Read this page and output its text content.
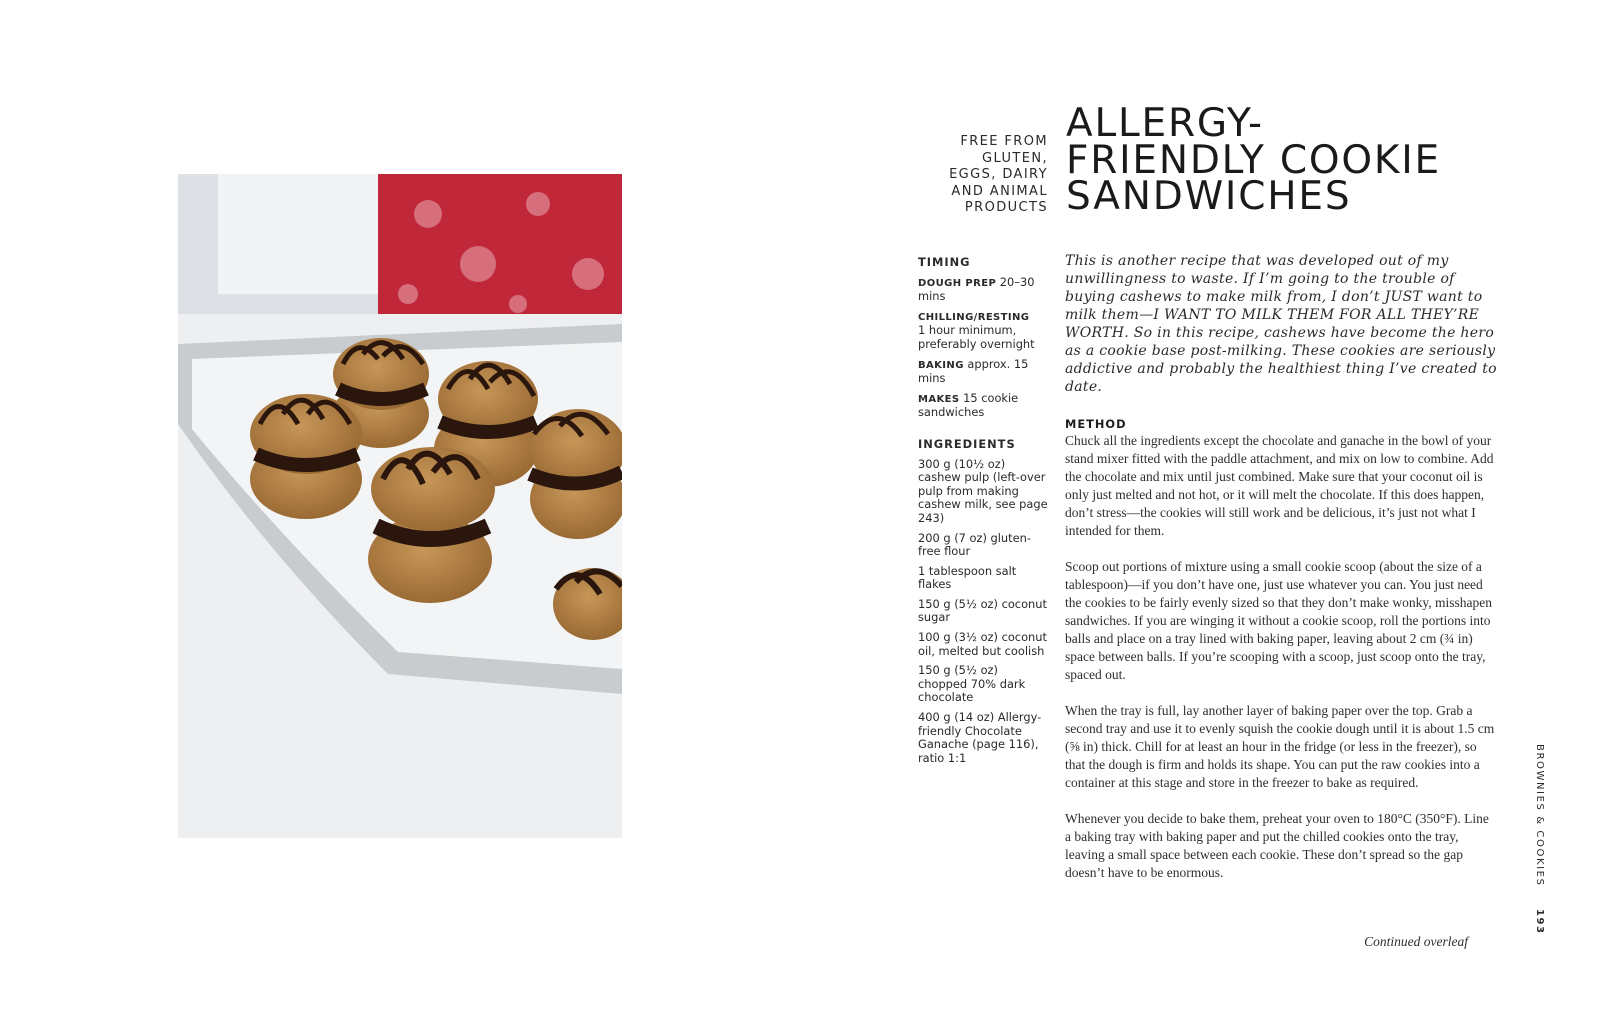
FREE FROM
GLUTEN,
EGGS, DAIRY
AND ANIMAL
PRODUCTS
ALLERGY-
FRIENDLY COOKIE
SANDWICHES
TIMING
DOUGH PREP 20–30 mins
CHILLING/RESTING
1 hour minimum, preferably overnight
BAKING approx. 15 mins
MAKES 15 cookie sandwiches
INGREDIENTS
300 g (10½ oz) cashew pulp (left-over pulp from making cashew milk, see page 243)
200 g (7 oz) gluten-free flour
1 tablespoon salt flakes
150 g (5½ oz) coconut sugar
100 g (3½ oz) coconut oil, melted but coolish
150 g (5½ oz) chopped 70% dark chocolate
400 g (14 oz) Allergy-friendly Chocolate Ganache (page 116), ratio 1:1

This is another recipe that was developed out of my unwillingness to waste. If I’m going to the trouble of buying cashews to make milk from, I don’t JUST want to milk them—I WANT TO MILK THEM FOR ALL THEY’RE WORTH. So in this recipe, cashews have become the hero as a cookie base post-milking. These cookies are seriously addictive and probably the healthiest thing I’ve created to date.

METHOD

Chuck all the ingredients except the chocolate and ganache in the bowl of your stand mixer fitted with the paddle attachment, and mix on low to combine. Add the chocolate and mix until just combined. Make sure that your coconut oil is only just melted and not hot, or it will melt the chocolate. If this does happen, don’t stress—the cookies will still work and be delicious, it’s just not what I intended for them.

Scoop out portions of mixture using a small cookie scoop (about the size of a tablespoon)—if you don’t have one, just use whatever you can. You just need the cookies to be fairly evenly sized so that they don’t make wonky, misshapen sandwiches. If you are winging it without a cookie scoop, roll the portions into balls and place on a tray lined with baking paper, leaving about 2 cm (¾ in) space between balls. If you’re scooping with a scoop, just scoop onto the tray, spaced out.

When the tray is full, lay another layer of baking paper over the top. Grab a second tray and use it to evenly squish the cookie dough until it is about 1.5 cm (⅝ in) thick. Chill for at least an hour in the fridge (or less in the freezer), so that the dough is firm and holds its shape. You can put the raw cookies into a container at this stage and store in the freezer to bake as required.

Whenever you decide to bake them, preheat your oven to 180°C (350°F). Line a baking tray with baking paper and put the chilled cookies onto the tray, leaving a small space between each cookie. These don’t spread so the gap doesn’t have to be enormous.

Continued overleaf
BROWNIES & COOKIES 193
